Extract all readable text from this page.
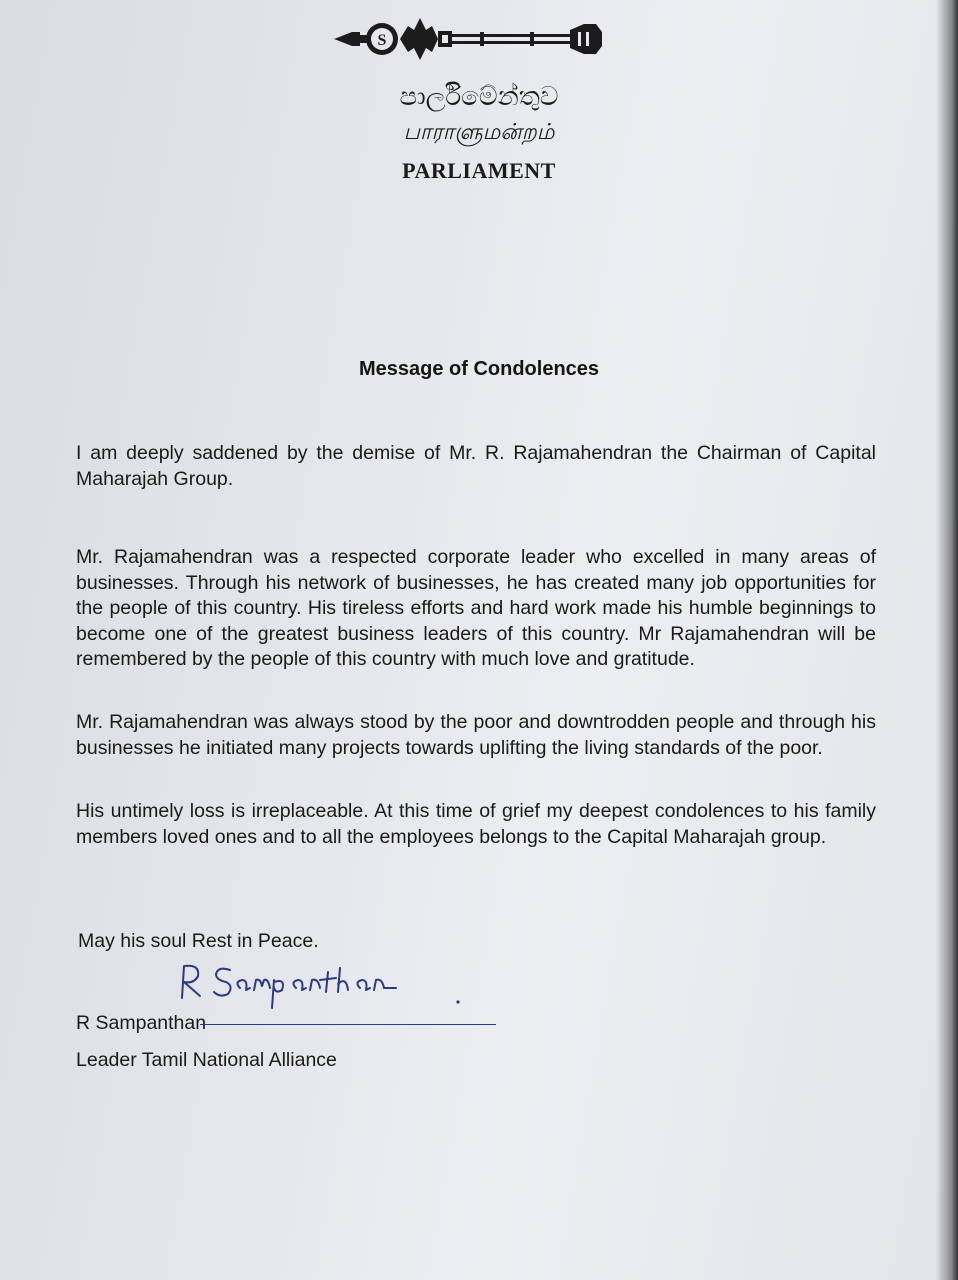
S
පාර්ලිමේන්තුව
பாராளுமன்றம்
PARLIAMENT
Message of Condolences

I am deeply saddened by the demise of Mr. R. Rajamahendran the Chairman of Capital Maharajah Group.

Mr. Rajamahendran was a respected corporate leader who excelled in many areas of businesses. Through his network of businesses, he has created many job opportunities for the people of this country. His tireless efforts and hard work made his humble beginnings to become one of the greatest business leaders of this country. Mr Rajamahendran will be remembered by the people of this country with much love and gratitude.

Mr. Rajamahendran was always stood by the poor and downtrodden people and through his businesses he initiated many projects towards uplifting the living standards of the poor.

His untimely loss is irreplaceable. At this time of grief my deepest condolences to his family members loved ones and to all the employees belongs to the Capital Maharajah group.

May his soul Rest in Peace.
R Sampanthan
Leader Tamil National Alliance
